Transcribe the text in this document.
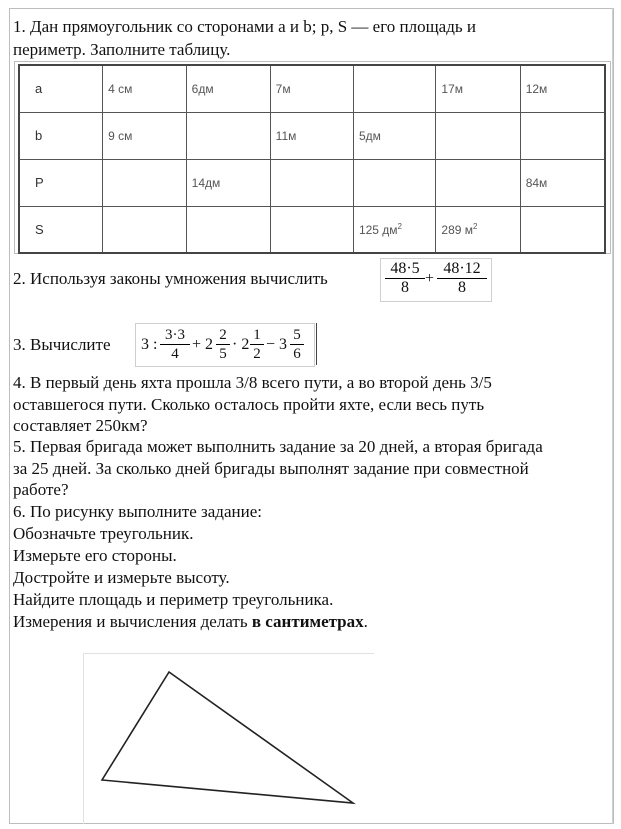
1. Дан прямоугольник со сторонами a и b; p, S — его площадь и
периметр. Заполните таблицу.
a	4 см	6дм	7м		17м	12м
b	9 см		11м	5дм		
P		14дм				84м
S				125 $дм^2$	289 $м^2$	
2. Используя законы умножения вычислить	$\frac{48\cdot 5}{8} + \frac{48\cdot 12}{8}$
3. Вычислите 3 : $\frac{3\cdot 3}{4} + 2 \frac{2}{5} \cdot 2 \frac{1}{2} - 3 \frac{5}{6}$
4. В первый день яхта прошла 3/8 всего пути, а во второй день 3/5
оставшегося пути. Сколько осталось пройти яхте, если весь путь
составляет 250км?
5. Первая бригада может выполнить задание за 20 дней, а вторая бригада
за 25 дней. За сколько дней бригады выполнят задание при совместной
работе?
6. По рисунку выполните задание:
Обозначьте треугольник.
Измерьте его стороны.
Достройте и измерьте высоту.
Найдите площадь и периметр треугольника.
Измерения и вычисления делать в сантиметрах.
